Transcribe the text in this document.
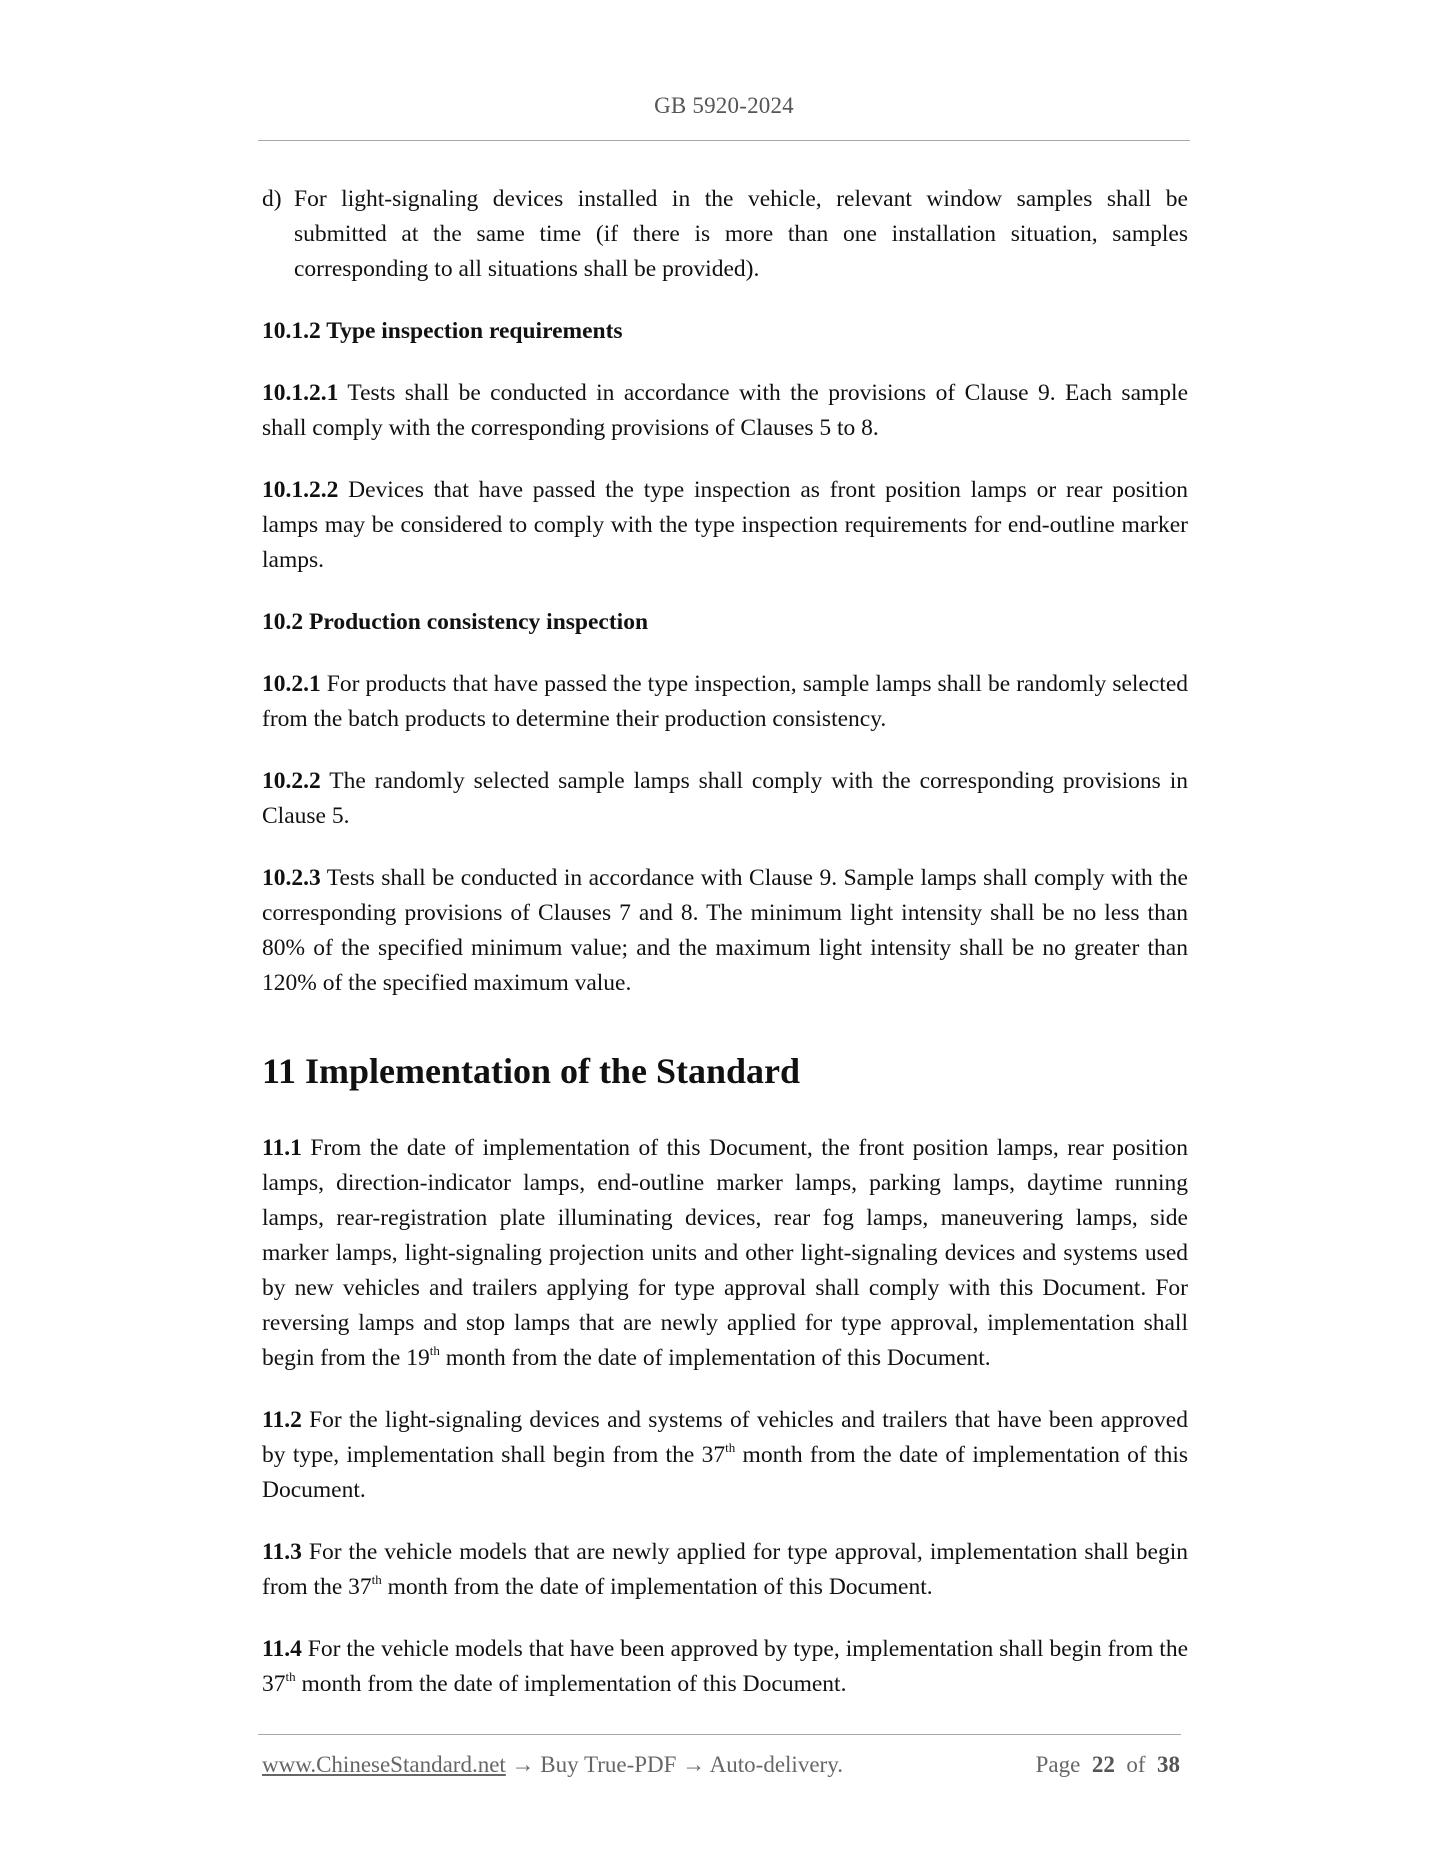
GB 5920-2024

d) For light-signaling devices installed in the vehicle, relevant window samples shall be submitted at the same time (if there is more than one installation situation, samples corresponding to all situations shall be provided).

10.1.2 Type inspection requirements

10.1.2.1 Tests shall be conducted in accordance with the provisions of Clause 9. Each sample shall comply with the corresponding provisions of Clauses 5 to 8.

10.1.2.2 Devices that have passed the type inspection as front position lamps or rear position lamps may be considered to comply with the type inspection requirements for end-outline marker lamps.

10.2 Production consistency inspection

10.2.1 For products that have passed the type inspection, sample lamps shall be randomly selected from the batch products to determine their production consistency.

10.2.2 The randomly selected sample lamps shall comply with the corresponding provisions in Clause 5.

10.2.3 Tests shall be conducted in accordance with Clause 9. Sample lamps shall comply with the corresponding provisions of Clauses 7 and 8. The minimum light intensity shall be no less than 80% of the specified minimum value; and the maximum light intensity shall be no greater than 120% of the specified maximum value.

11 Implementation of the Standard

11.1 From the date of implementation of this Document, the front position lamps, rear position lamps, direction-indicator lamps, end-outline marker lamps, parking lamps, daytime running lamps, rear-registration plate illuminating devices, rear fog lamps, maneuvering lamps, side marker lamps, light-signaling projection units and other light-signaling devices and systems used by new vehicles and trailers applying for type approval shall comply with this Document. For reversing lamps and stop lamps that are newly applied for type approval, implementation shall begin from the 19th month from the date of implementation of this Document.

11.2 For the light-signaling devices and systems of vehicles and trailers that have been approved by type, implementation shall begin from the 37th month from the date of implementation of this Document.

11.3 For the vehicle models that are newly applied for type approval, implementation shall begin from the 37th month from the date of implementation of this Document.

11.4 For the vehicle models that have been approved by type, implementation shall begin from the 37th month from the date of implementation of this Document.

www.ChineseStandard.net → Buy True-PDF → Auto-delivery.	Page 22 of 38
